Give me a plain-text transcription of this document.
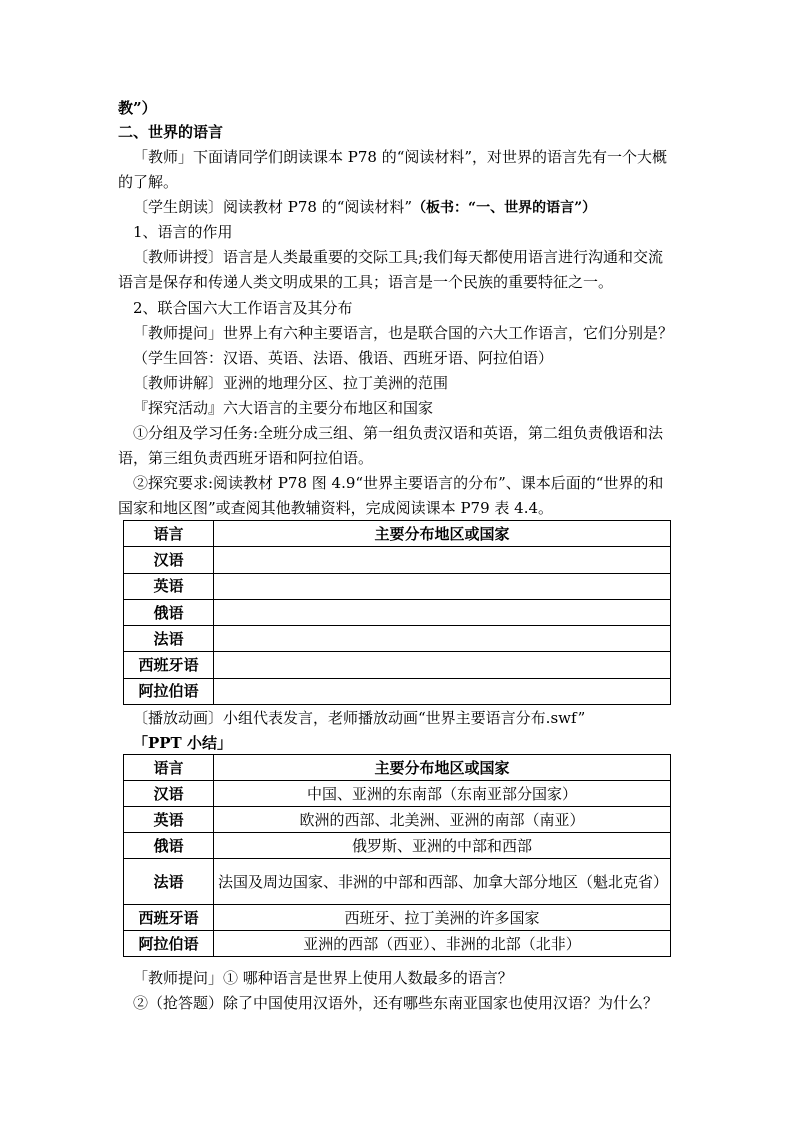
教”）
二、世界的语言
「教师」下面请同学们朗读课本 P78 的“阅读材料”，对世界的语言先有一个大概
的了解。
〔学生朗读〕阅读教材 P78 的“阅读材料”（板书：“一、世界的语言”）
1、语言的作用
〔教师讲授〕语言是人类最重要的交际工具;我们每天都使用语言进行沟通和交流
语言是保存和传递人类文明成果的工具；语言是一个民族的重要特征之一。
2、联合国六大工作语言及其分布
「教师提问」世界上有六种主要语言，也是联合国的六大工作语言，它们分别是？
（学生回答：汉语、英语、法语、俄语、西班牙语、阿拉伯语）
〔教师讲解〕亚洲的地理分区、拉丁美洲的范围
『探究活动』六大语言的主要分布地区和国家
①分组及学习任务:全班分成三组、第一组负责汉语和英语，第二组负责俄语和法
语，第三组负责西班牙语和阿拉伯语。
②探究要求:阅读教材 P78 图 4.9“世界主要语言的分布”、课本后面的“世界的和
国家和地区图”或查阅其他教辅资料，完成阅读课本 P79 表 4.4。
语言	主要分布地区或国家
汉语	
英语	
俄语	
法语	
西班牙语	
阿拉伯语	
〔播放动画〕小组代表发言，老师播放动画“世界主要语言分布.swf”
「PPT 小结」
语言	主要分布地区或国家
汉语	中国、亚洲的东南部（东南亚部分国家）
英语	欧洲的西部、北美洲、亚洲的南部（南亚）
俄语	俄罗斯、亚洲的中部和西部
法语	法国及周边国家、非洲的中部和西部、加拿大部分地区（魁北克省）
西班牙语	西班牙、拉丁美洲的许多国家
阿拉伯语	亚洲的西部（西亚）、非洲的北部（北非）
「教师提问」① 哪种语言是世界上使用人数最多的语言？
②（抢答题）除了中国使用汉语外，还有哪些东南亚国家也使用汉语？为什么？
